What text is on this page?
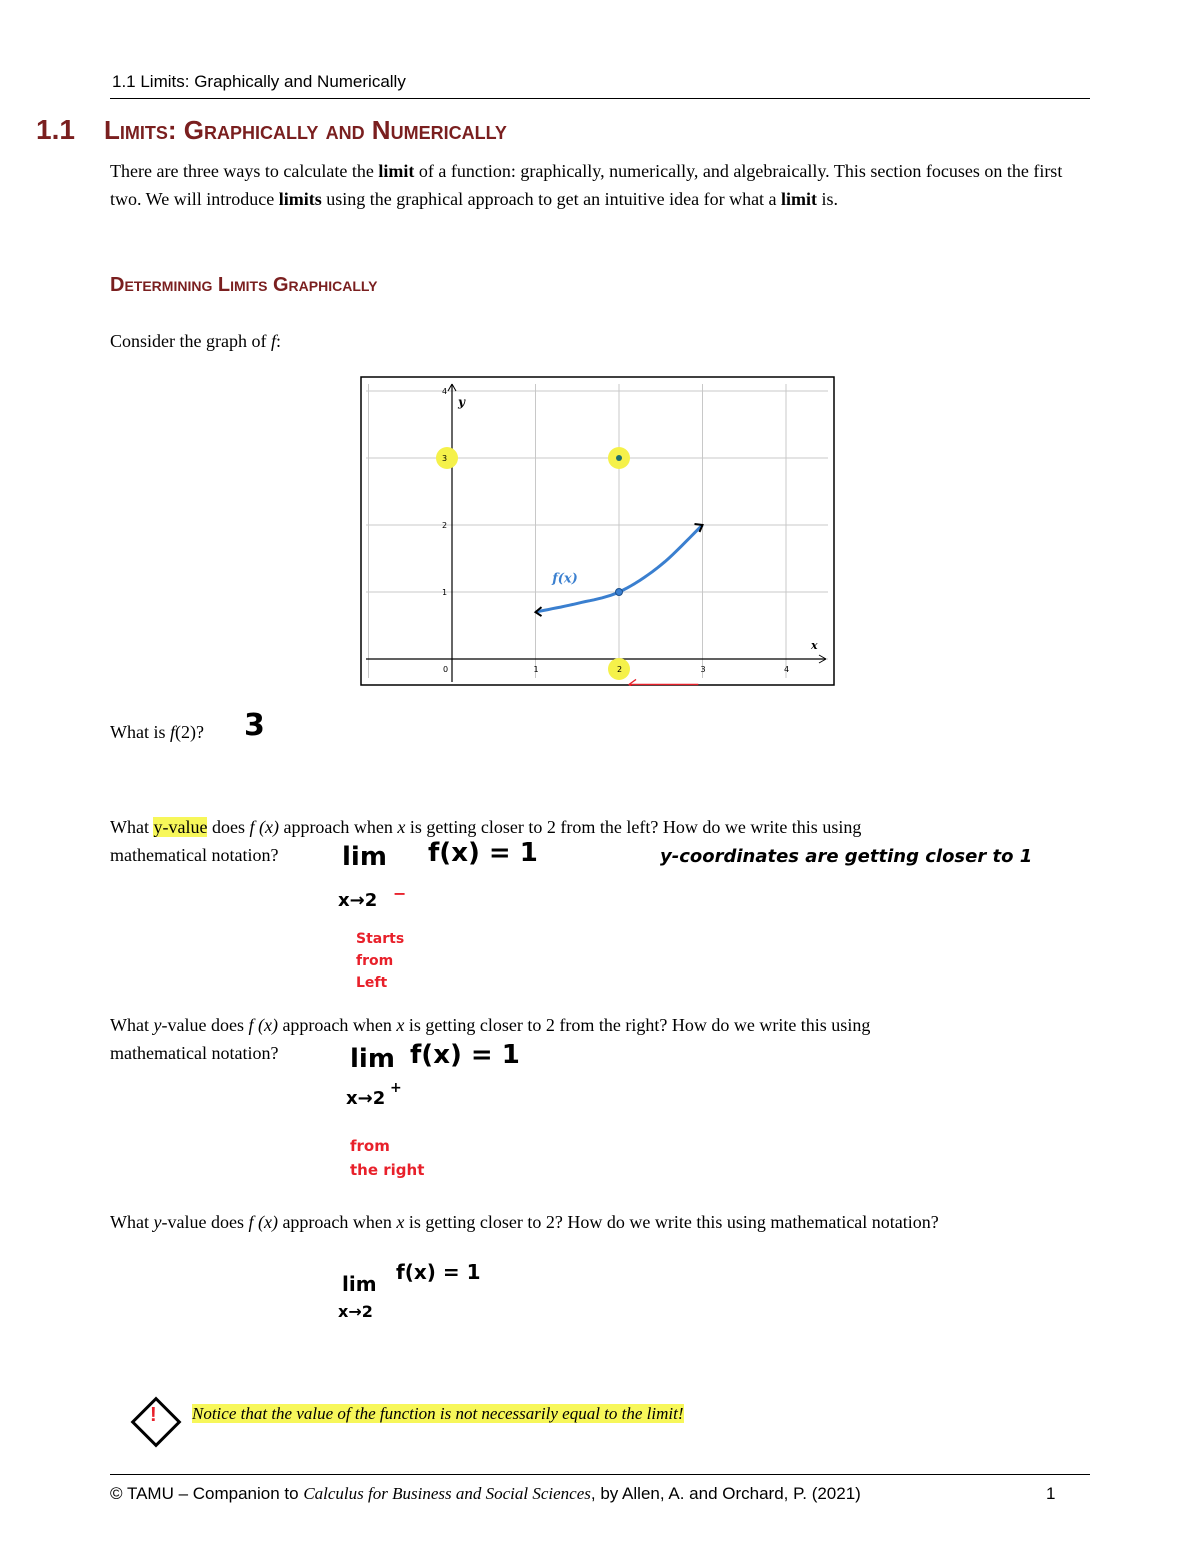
1.1 Limits: Graphically and Numerically
1.1 Limits: Graphically and Numerically
There are three ways to calculate the limit of a function: graphically, numerically, and algebraically. This section focuses on the first two. We will introduce limits using the graphical approach to get an intuitive idea for what a limit is.
Determining Limits Graphically
Consider the graph of f:
f(x)
0	1	2	3	4
1
2
3
4
x
y
What is f(2)? 3
What y-value does f (x) approach when x is getting closer to 2 from the left? How do we write this using
mathematical notation?	lim f(x) = 1
x→2 −
y-coordinates are getting closer to 1
Starts
from
Left
What y-value does f (x) approach when x is getting closer to 2 from the right? How do we write this using
mathematical notation?	lim f(x) = 1
x→2 +
from
the right
What y-value does f (x) approach when x is getting closer to 2? How do we write this using mathematical notation?
lim f(x) = 1
x→2
! Notice that the value of the function is not necessarily equal to the limit!
© TAMU – Companion to Calculus for Business and Social Sciences, by Allen, A. and Orchard, P. (2021)	1
